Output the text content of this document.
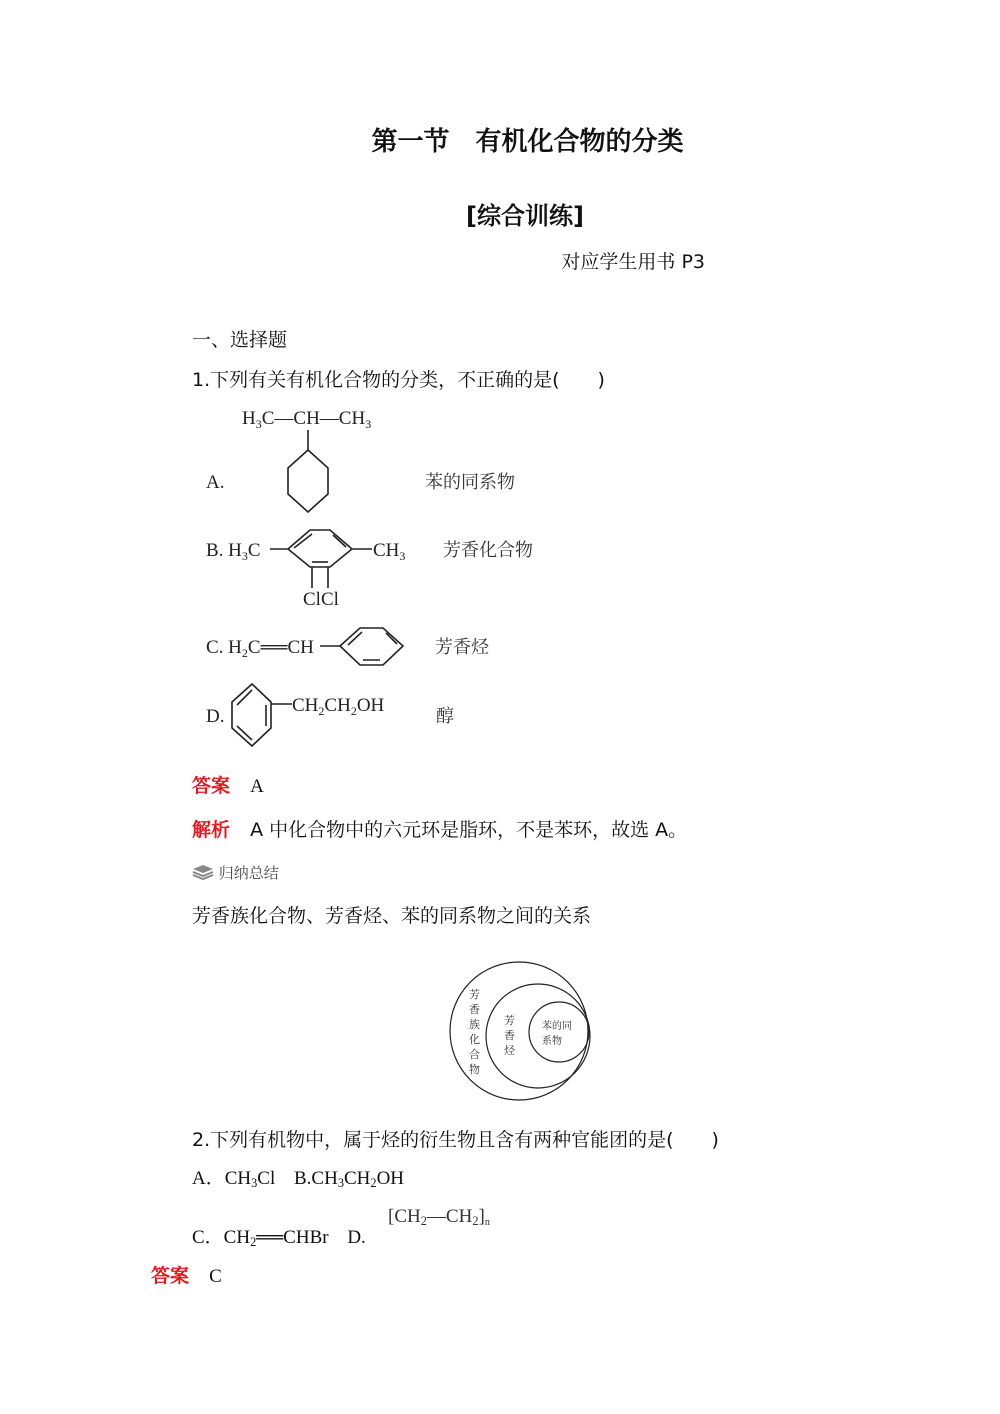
第一节　有机化合物的分类
[综合训练]
对应学生用书 P3
一、选择题
1.下列有关有机化合物的分类，不正确的是(　　)
$H_3C—CH—CH_3$
A.	苯的同系物
B. $H_3C$	$CH_3$
ClCl
芳香化合物
C. $H_2C══CH$	芳香烃
D.
$CH_2CH_2OH$
醇
芳
香
族
化
合
物
芳
香
烃
苯的同
系物
答案 A
解析 A 中化合物中的六元环是脂环，不是苯环，故选 A。
归纳总结
芳香族化合物、芳香烃、苯的同系物之间的关系
2.下列有机物中，属于烃的衍生物且含有两种官能团的是(　　)
A．$CH_3Cl$ $B.CH_3CH_2OH$
C．$CH_2══CHBr$ D.
$[CH_2—CH_2]_n$
答案 C
